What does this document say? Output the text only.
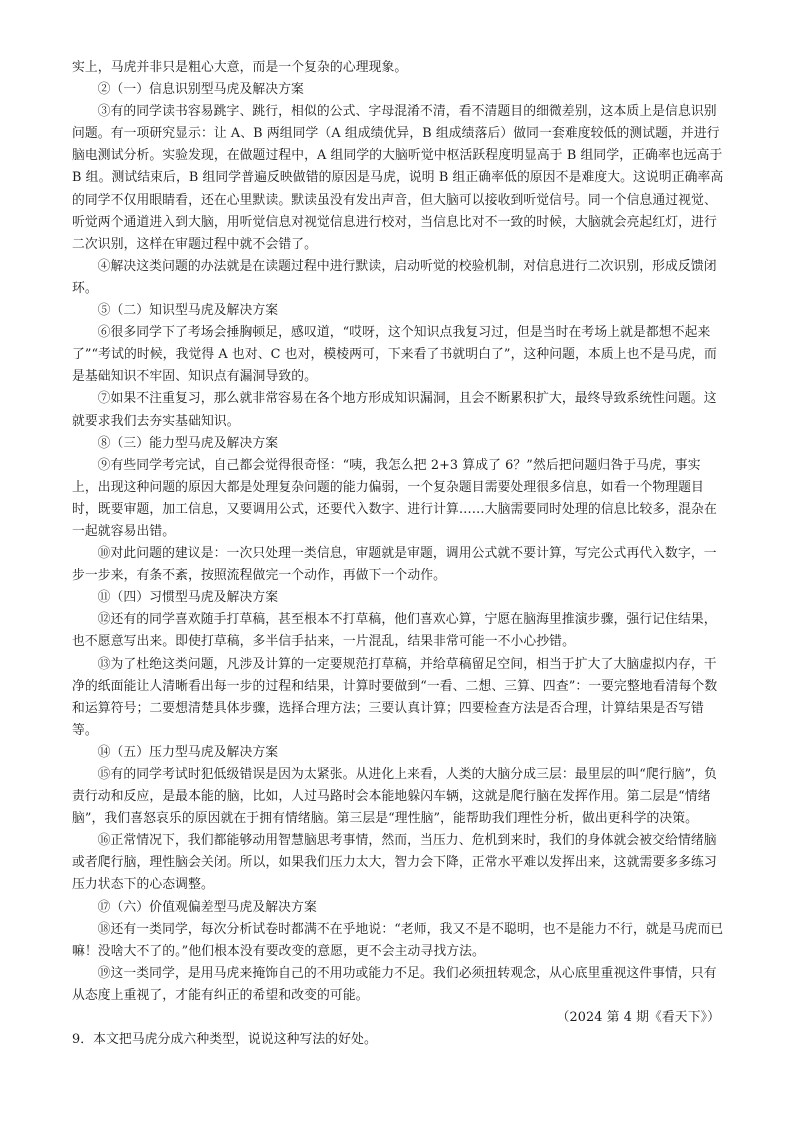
实上，马虎并非只是粗心大意，而是一个复杂的心理现象。

②（一）信息识别型马虎及解决方案

③有的同学读书容易跳字、跳行，相似的公式、字母混淆不清，看不清题目的细微差别，这本质上是信息识别问题。有一项研究显示：让 A、B 两组同学（A 组成绩优异，B 组成绩落后）做同一套难度较低的测试题，并进行脑电测试分析。实验发现，在做题过程中，A 组同学的大脑听觉中枢活跃程度明显高于 B 组同学，正确率也远高于 B 组。测试结束后，B 组同学普遍反映做错的原因是马虎，说明 B 组正确率低的原因不是难度大。这说明正确率高的同学不仅用眼睛看，还在心里默读。默读虽没有发出声音，但大脑可以接收到听觉信号。同一个信息通过视觉、听觉两个通道进入到大脑，用听觉信息对视觉信息进行校对，当信息比对不一致的时候，大脑就会亮起红灯，进行二次识别，这样在审题过程中就不会错了。

④解决这类问题的办法就是在读题过程中进行默读，启动听觉的校验机制，对信息进行二次识别，形成反馈闭环。

⑤（二）知识型马虎及解决方案

⑥很多同学下了考场会捶胸顿足，感叹道，“哎呀，这个知识点我复习过，但是当时在考场上就是都想不起来了”“考试的时候，我觉得 A 也对、C 也对，模棱两可，下来看了书就明白了”，这种问题，本质上也不是马虎，而是基础知识不牢固、知识点有漏洞导致的。

⑦如果不注重复习，那么就非常容易在各个地方形成知识漏洞，且会不断累积扩大，最终导致系统性问题。这就要求我们去夯实基础知识。

⑧（三）能力型马虎及解决方案

⑨有些同学考完试，自己都会觉得很奇怪：“咦，我怎么把 2+3 算成了 6？”然后把问题归咎于马虎，事实上，出现这种问题的原因大都是处理复杂问题的能力偏弱，一个复杂题目需要处理很多信息，如看一个物理题目时，既要审题，加工信息，又要调用公式，还要代入数字、进行计算……大脑需要同时处理的信息比较多，混杂在一起就容易出错。

⑩对此问题的建议是：一次只处理一类信息，审题就是审题，调用公式就不要计算，写完公式再代入数字，一步一步来，有条不紊，按照流程做完一个动作，再做下一个动作。

⑪（四）习惯型马虎及解决方案

⑫还有的同学喜欢随手打草稿，甚至根本不打草稿，他们喜欢心算，宁愿在脑海里推演步骤，强行记住结果，也不愿意写出来。即使打草稿，多半信手拈来，一片混乱，结果非常可能一不小心抄错。

⑬为了杜绝这类问题，凡涉及计算的一定要规范打草稿，并给草稿留足空间，相当于扩大了大脑虚拟内存，干净的纸面能让人清晰看出每一步的过程和结果，计算时要做到“一看、二想、三算、四查”：一要完整地看清每个数和运算符号；二要想清楚具体步骤，选择合理方法；三要认真计算；四要检查方法是否合理，计算结果是否写错等。

⑭（五）压力型马虎及解决方案

⑮有的同学考试时犯低级错误是因为太紧张。从进化上来看，人类的大脑分成三层：最里层的叫“爬行脑”，负责行动和反应，是最本能的脑，比如，人过马路时会本能地躲闪车辆，这就是爬行脑在发挥作用。第二层是“情绪脑”，我们喜怒哀乐的原因就在于拥有情绪脑。第三层是“理性脑”，能帮助我们理性分析，做出更科学的决策。

⑯正常情况下，我们都能够动用智慧脑思考事情，然而，当压力、危机到来时，我们的身体就会被交给情绪脑或者爬行脑，理性脑会关闭。所以，如果我们压力太大，智力会下降，正常水平难以发挥出来，这就需要多多练习压力状态下的心态调整。

⑰（六）价值观偏差型马虎及解决方案

⑱还有一类同学，每次分析试卷时都满不在乎地说：“老师，我又不是不聪明，也不是能力不行，就是马虎而已嘛！没啥大不了的。”他们根本没有要改变的意愿，更不会主动寻找方法。

⑲这一类同学，是用马虎来掩饰自己的不用功或能力不足。我们必须扭转观念，从心底里重视这件事情，只有从态度上重视了，才能有纠正的希望和改变的可能。

（2024 第 4 期《看天下》）

9．本文把马虎分成六种类型，说说这种写法的好处。
